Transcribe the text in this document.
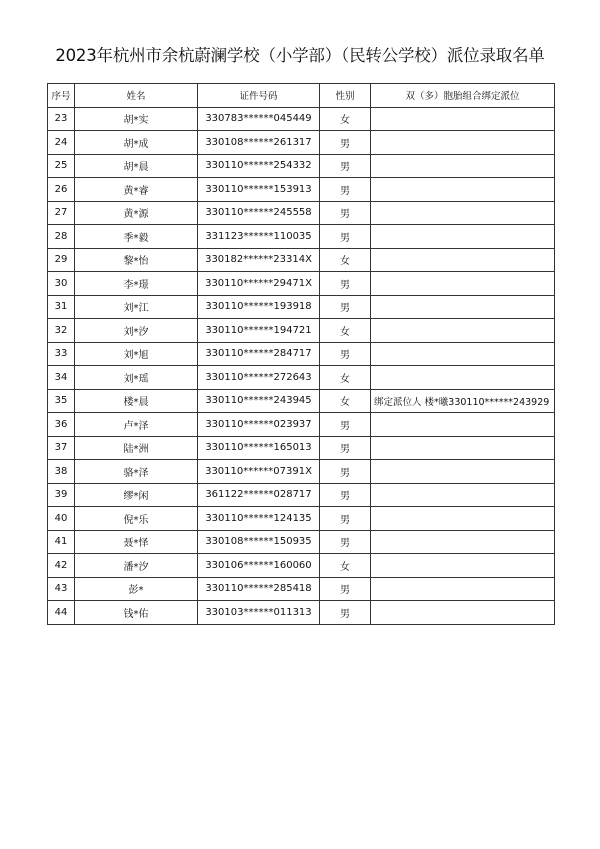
2023年杭州市余杭蔚澜学校（小学部）（民转公学校）派位录取名单
序号	姓名	证件号码	性别	双（多）胞胎组合绑定派位
23	胡*实	330783******045449	女	
24	胡*成	330108******261317	男	
25	胡*晨	330110******254332	男	
26	黄*睿	330110******153913	男	
27	黄*源	330110******245558	男	
28	季*毅	331123******110035	男	
29	黎*怡	330182******23314X	女	
30	李*璟	330110******29471X	男	
31	刘*江	330110******193918	男	
32	刘*汐	330110******194721	女	
33	刘*旭	330110******284717	男	
34	刘*瑶	330110******272643	女	
35	楼*晨	330110******243945	女	绑定派位人 楼*曦330110******243929
36	卢*泽	330110******023937	男	
37	陆*洲	330110******165013	男	
38	骆*泽	330110******07391X	男	
39	缪*闲	361122******028717	男	
40	倪*乐	330110******124135	男	
41	聂*怿	330108******150935	男	
42	潘*汐	330106******160060	女	
43	彭*	330110******285418	男	
44	钱*佑	330103******011313	男	
